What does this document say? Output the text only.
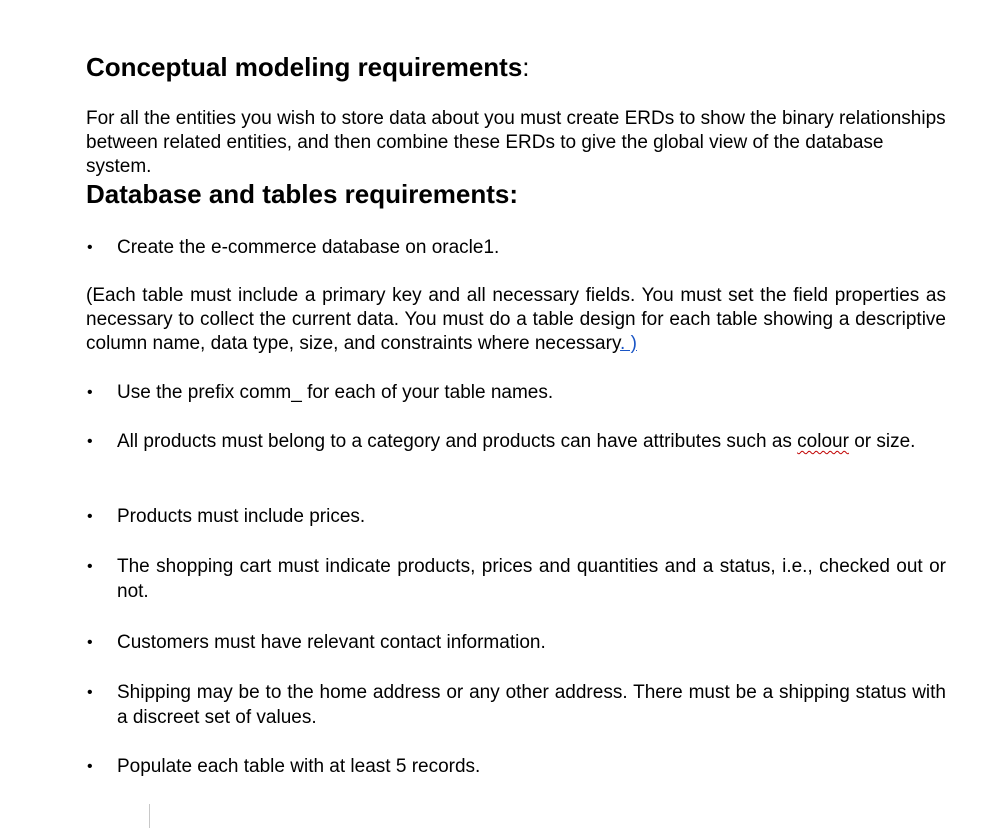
Conceptual modeling requirements:
For all the entities you wish to store data about you must create ERDs to show the binary relationships between related entities, and then combine these ERDs to give the global view of the database system.
Database and tables requirements:
• Create the e-commerce database on oracle1.
(Each table must include a primary key and all necessary fields. You must set the field properties as necessary to collect the current data. You must do a table design for each table showing a descriptive column name, data type, size, and constraints where necessary. )
• Use the prefix comm_ for each of your table names.
• All products must belong to a category and products can have attributes such as colour or size.
• Products must include prices.
• The shopping cart must indicate products, prices and quantities and a status, i.e., checked out or not.
• Customers must have relevant contact information.
• Shipping may be to the home address or any other address. There must be a shipping status with a discreet set of values.
• Populate each table with at least 5 records.
